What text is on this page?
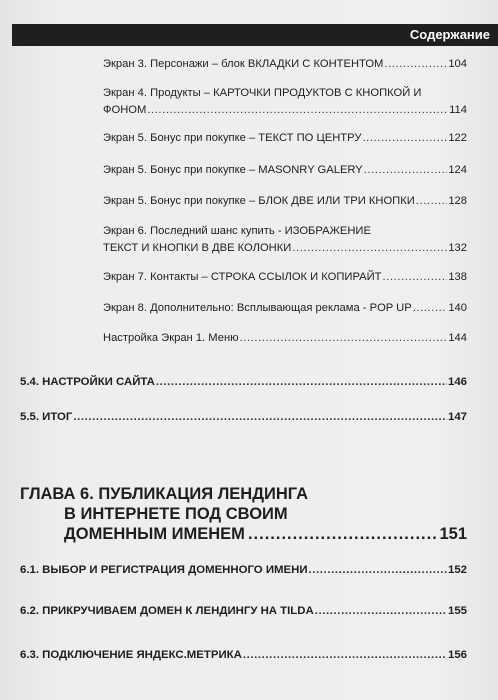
Содержание
Экран 3. Персонажи – блок ВКЛАДКИ С КОНТЕНТОМ .....	104
Экран 4. Продукты – КАРТОЧКИ ПРОДУКТОВ С КНОПКОЙ И
ФОНОМ .....	114
Экран 5. Бонус при покупке – ТЕКСТ ПО ЦЕНТРУ .....	122
Экран 5. Бонус при покупке – MASONRY GALERY .....	124
Экран 5. Бонус при покупке – БЛОК ДВЕ ИЛИ ТРИ КНОПКИ .....	128
Экран 6. Последний шанс купить - ИЗОБРАЖЕНИЕ
ТЕКСТ И КНОПКИ В ДВЕ КОЛОНКИ .....	132
Экран 7. Контакты – СТРОКА ССЫЛОК И КОПИРАЙТ .....	138
Экран 8. Дополнительно: Всплывающая реклама - POP UP .....	140
Настройка Экран 1. Меню .....	144
5.4. НАСТРОЙКИ САЙТА .....	146
5.5. ИТОГ .....	147
ГЛАВА 6. ПУБЛИКАЦИЯ ЛЕНДИНГА
В ИНТЕРНЕТЕ ПОД СВОИМ
ДОМЕННЫМ ИМЕНЕМ .....	151
6.1. ВЫБОР И РЕГИСТРАЦИЯ ДОМЕННОГО ИМЕНИ .....	152
6.2. ПРИКРУЧИВАЕМ ДОМЕН К ЛЕНДИНГУ НА TILDA .....	155
6.3. ПОДКЛЮЧЕНИЕ ЯНДЕКС.МЕТРИКА .....	156
